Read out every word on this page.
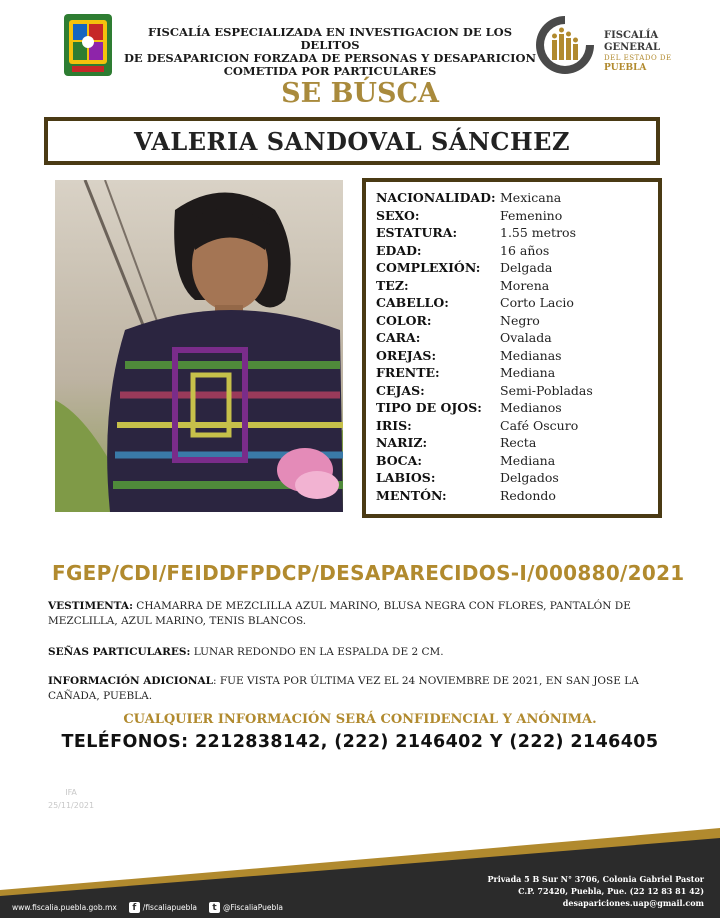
FISCALÍA ESPECIALIZADA EN INVESTIGACION DE LOS DELITOS
DE DESAPARICION FORZADA DE PERSONAS Y DESAPARICION
COMETIDA POR PARTICULARES
FISCALÍA GENERAL
DEL ESTADO DE
PUEBLA
SE BÚSCA
VALERIA SANDOVAL SÁNCHEZ
NACIONALIDAD: Mexicana
SEXO:	Femenino
ESTATURA:	1.55 metros
EDAD:	16 años
COMPLEXIÓN:	Delgada
TEZ:	Morena
CABELLO:	Corto Lacio
COLOR:	Negro
CARA:	Ovalada
OREJAS:	Medianas
FRENTE:	Mediana
CEJAS:	Semi-Pobladas
TIPO DE OJOS:	Medianos
IRIS:	Café Oscuro
NARIZ:	Recta
BOCA:	Mediana
LABIOS:	Delgados
MENTÓN:	Redondo
FGEP/CDI/FEIDDFPDCP/DESAPARECIDOS-I/000880/2021
VESTIMENTA: CHAMARRA DE MEZCLILLA AZUL MARINO, BLUSA NEGRA CON FLORES, PANTALÓN DE MEZCLILLA, AZUL MARINO, TENIS BLANCOS.
SEÑAS PARTICULARES: LUNAR REDONDO EN LA ESPALDA DE 2 CM.
INFORMACIÓN ADICIONAL: FUE VISTA POR ÚLTIMA VEZ EL 24 NOVIEMBRE DE 2021, EN SAN JOSE LA CAÑADA, PUEBLA.
CUALQUIER INFORMACIÓN SERÁ CONFIDENCIAL Y ANÓNIMA.
TELÉFONOS: 2212838142, (222) 2146402 Y (222) 2146405
IFA
25/11/2021
Privada 5 B Sur N° 3706, Colonia Gabriel Pastor
C.P. 72420, Puebla, Pue. (22 12 83 81 42)
desapariciones.uap@gmail.com
www.fiscalia.puebla.gob.mx	f /fiscaliapuebla	t @FiscaliaPuebla
